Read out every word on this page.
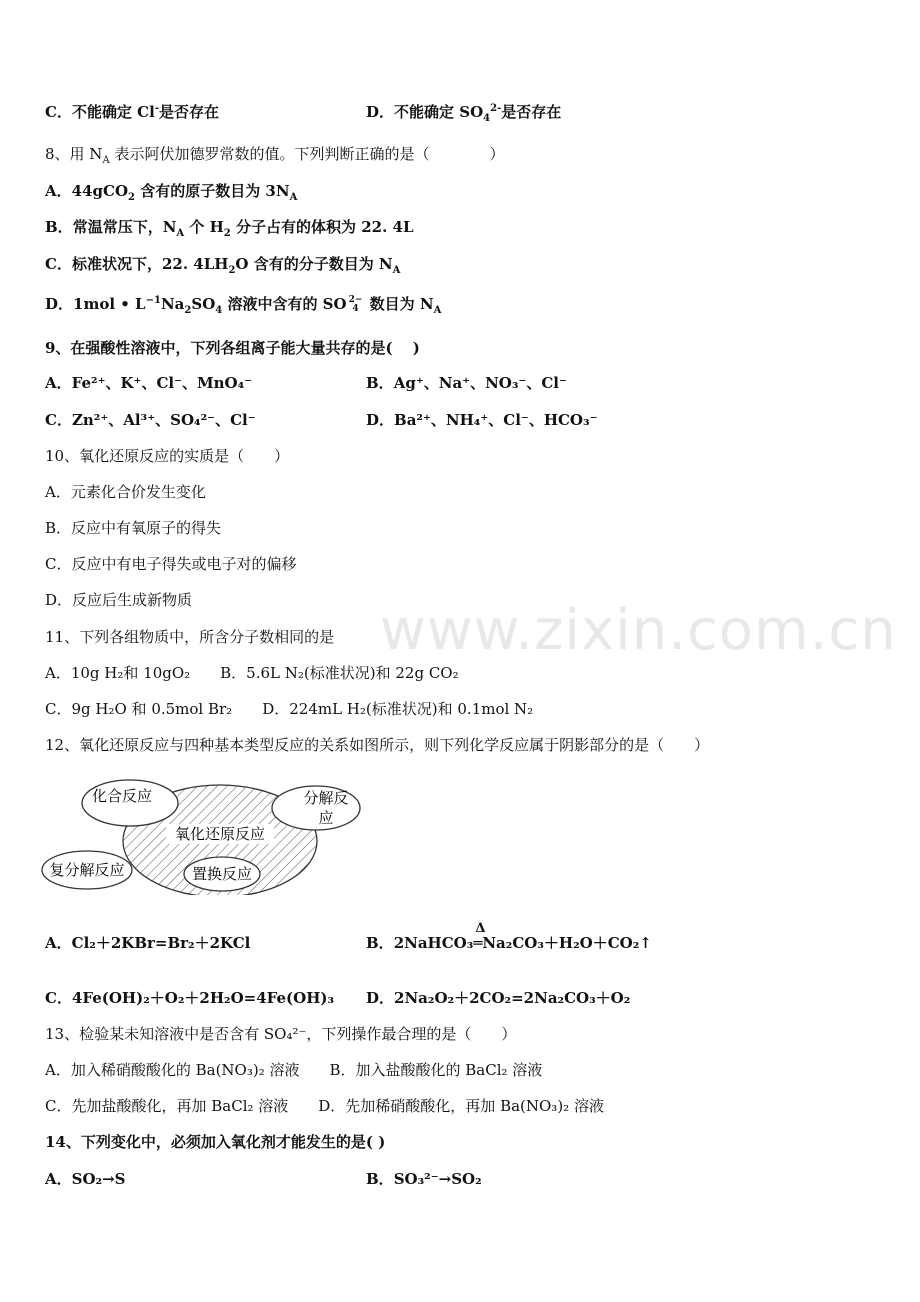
C．不能确定 Cl-是否存在	D．不能确定 $SO_4^{2-}$是否存在
8、用 $N_A$ 表示阿伏加德罗常数的值。下列判断正确的是（　　　　）
A．44gCO$_2$ 含有的原子数目为 $3N_A$
B．常温常压下，$N_A$ 个 $H_2$ 分子占有的体积为 22. 4L
C．标准状况下，22. $4LH_2O$ 含有的分子数目为 $N_A$
D．1mol • $L^{-1}Na_2SO_4$ 溶液中含有的 SO 2−
4 数目为 $N_A$
9、在强酸性溶液中，下列各组离子能大量共存的是(　 )
A．Fe²⁺、K⁺、Cl⁻、MnO₄⁻	B．Ag⁺、Na⁺、NO₃⁻、Cl⁻
C．Zn²⁺、Al³⁺、SO₄²⁻、Cl⁻	D．Ba²⁺、NH₄⁺、Cl⁻、HCO₃⁻
10、氧化还原反应的实质是（　　）
A．元素化合价发生变化
B．反应中有氧原子的得失
C．反应中有电子得失或电子对的偏移
D．反应后生成新物质	www.zixin.com.cn
11、下列各组物质中，所含分子数相同的是
A．10g H₂和 10gO₂　　B．5.6L N₂(标准状况)和 22g CO₂
C．9g H₂O 和 0.5mol Br₂　　D．224mL H₂(标准状况)和 0.1mol N₂
12、氧化还原反应与四种基本类型反应的关系如图所示，则下列化学反应属于阴影部分的是（　　）
化合反应	分解反
应
氧化还原反应
复分解反应	置换反应
A．Cl₂＋2KBr=Br₂＋2KCl	B．2NaHCO₃
Δ
═Na₂CO₃＋H₂O＋CO₂↑
C．4Fe(OH)₂＋O₂＋2H₂O=4Fe(OH)₃ D．2Na₂O₂＋2CO₂=2Na₂CO₃＋O₂
13、检验某未知溶液中是否含有 SO₄²⁻，下列操作最合理的是（　　）
A．加入稀硝酸酸化的 Ba(NO₃)₂ 溶液　　B．加入盐酸酸化的 BaCl₂ 溶液
C．先加盐酸酸化，再加 BaCl₂ 溶液　　D．先加稀硝酸酸化，再加 Ba(NO₃)₂ 溶液
14、下列变化中，必须加入氧化剂才能发生的是( )
A．SO₂→S	B．SO₃²⁻→SO₂
